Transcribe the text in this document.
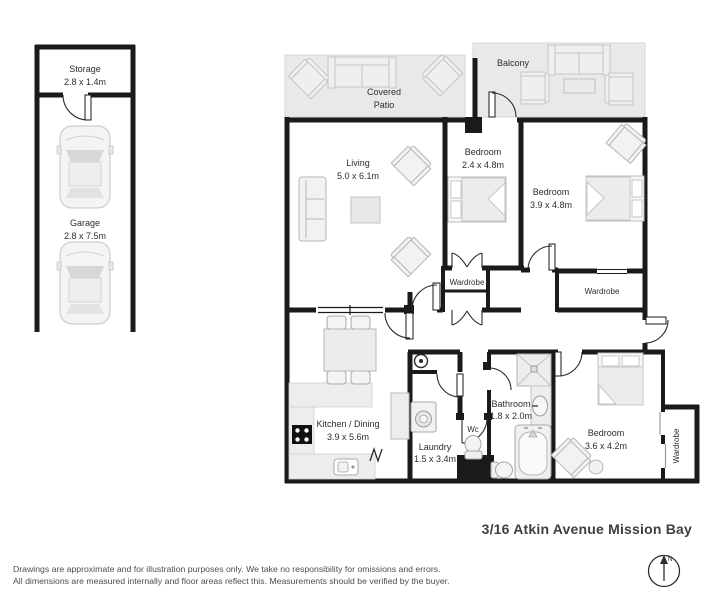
Covered
Patio
Balcony
Storage
2.8 x 1.4m
Garage
2.8 x 7.5m
Living
5.0 x 6.1m
Bedroom
2.4 x 4.8m
Bedroom
3.9 x 4.8m
Wardrobe
Wardrobe
Wardrobe
Kitchen / Dining
3.9 x 5.6m
Laundry
1.5 x 3.4m
Wc
Bathroom
1.8 x 2.0m
Bedroom
3.6 x 4.2m
N
3/16 Atkin Avenue Mission Bay
Drawings are approximate and for illustration purposes only. We take no responsibility for omissions and errors.
All dimensions are measured internally and floor areas reflect this. Measurements should be verified by the buyer.
